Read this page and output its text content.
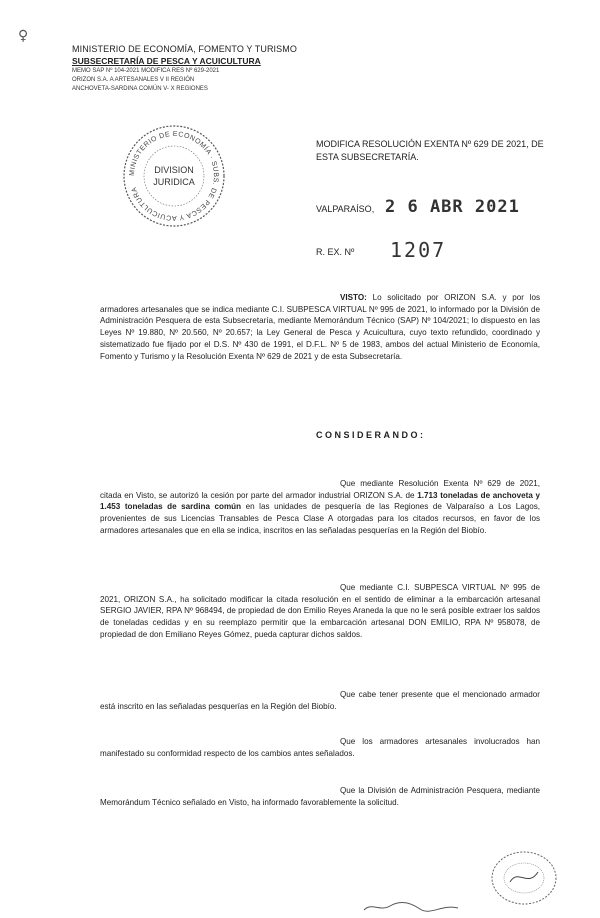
♀
MINISTERIO DE ECONOMÍA, FOMENTO Y TURISMO
SUBSECRETARÍA DE PESCA Y ACUICULTURA
MEMO SAP Nº 104-2021 MODIFICA RES Nº 629-2021
ORIZON S.A. A ARTESANALES V II REGIÓN
ANCHOVETA-SARDINA COMÚN V- X REGIONES
MINISTERIO DE ECONOMÍA · SUBS. DE PESCA Y ACUICULTURA
DIVISION
JURIDICA
MODIFICA RESOLUCIÓN EXENTA Nº 629 DE 2021, DE ESTA SUBSECRETARÍA.
VALPARAÍSO, 2 6 ABR 2021
R. EX. Nº 1207
VISTO: Lo solicitado por ORIZON S.A. y por los armadores artesanales que se indica mediante C.I. SUBPESCA VIRTUAL Nº 995 de 2021, lo informado por la División de Administración Pesquera de esta Subsecretaría, mediante Memorándum Técnico (SAP) Nº 104/2021; lo dispuesto en las Leyes Nº 19.880, Nº 20.560, Nº 20.657; la Ley General de Pesca y Acuicultura, cuyo texto refundido, coordinado y sistematizado fue fijado por el D.S. Nº 430 de 1991, el D.F.L. Nº 5 de 1983, ambos del actual Ministerio de Economía, Fomento y Turismo y la Resolución Exenta Nº 629 de 2021 y de esta Subsecretaría.
CONSIDERANDO:
Que mediante Resolución Exenta Nº 629 de 2021, citada en Visto, se autorizó la cesión por parte del armador industrial ORIZON S.A. de 1.713 toneladas de anchoveta y 1.453 toneladas de sardina común en las unidades de pesquería de las Regiones de Valparaíso a Los Lagos, provenientes de sus Licencias Transables de Pesca Clase A otorgadas para los citados recursos, en favor de los armadores artesanales que en ella se indica, inscritos en las señaladas pesquerías en la Región del Biobío.
Que mediante C.I. SUBPESCA VIRTUAL Nº 995 de 2021, ORIZON S.A., ha solicitado modificar la citada resolución en el sentido de eliminar a la embarcación artesanal SERGIO JAVIER, RPA Nº 968494, de propiedad de don Emilio Reyes Araneda la que no le será posible extraer los saldos de toneladas cedidas y en su reemplazo permitir que la embarcación artesanal DON EMILIO, RPA Nº 958078, de propiedad de don Emiliano Reyes Gómez, pueda capturar dichos saldos.
Que cabe tener presente que el mencionado armador está inscrito en las señaladas pesquerías en la Región del Biobío.
Que los armadores artesanales involucrados han manifestado su conformidad respecto de los cambios antes señalados.
Que la División de Administración Pesquera, mediante Memorándum Técnico señalado en Visto, ha informado favorablemente la solicitud.
